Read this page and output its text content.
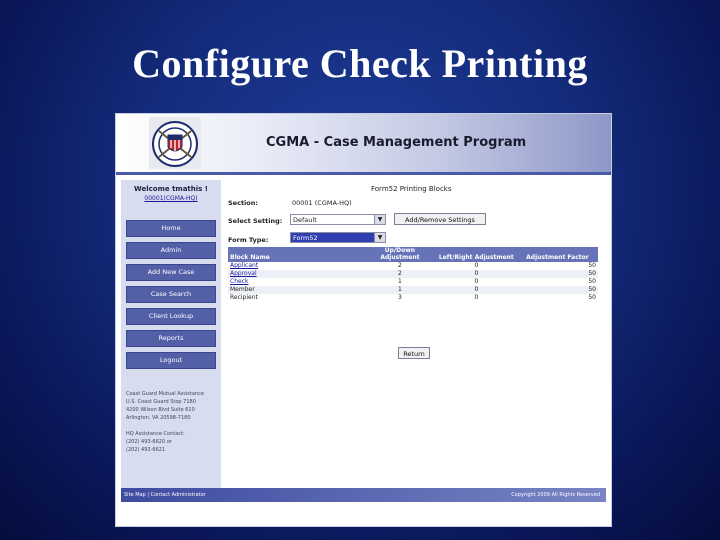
Configure Check Printing
CGMA - Case Management Program
Welcome tmathis !
00001(CGMA-HQ)
Home
Admin
Add New Case
Case Search
Client Lookup
Reports
Logout
Coast Guard Mutual Assistance
U.S. Coast Guard Stop 7180
4200 Wilson Blvd Suite 610
Arlington, VA 20598-7180
HQ Assistance Contact:
(202) 493-6620 or
(202) 493-6621
Form52 Printing Blocks
Section:	00001 (CGMA-HQ)
Select Setting:	Default	▼	Add/Remove Settings
Form Type:	Form52	▼
Block Name	Up/Down Adjustment	Left/Right Adjustment	Adjustment Factor
Applicant	2	0	50
Approval	2	0	50
Check	1	0	50
Member	1	0	50
Recipient	3	0	50
Return
Site Map | Contact Administrator	Copyright 2009 All Rights Reserved
